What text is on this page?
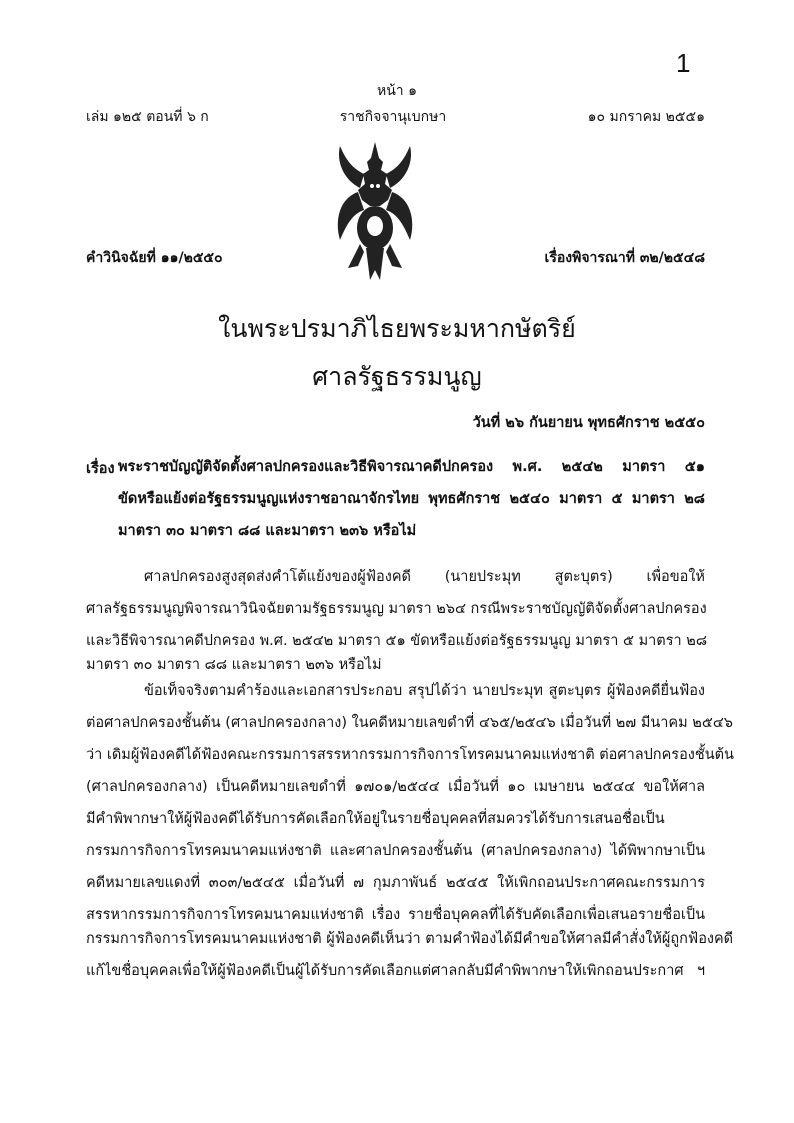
1
หน้า ๑
เล่ม ๑๒๕ ตอนที่ ๖ ก	ราชกิจจานุเบกษา	๑๐ มกราคม ๒๕๕๑
คำวินิจฉัยที่ ๑๑/๒๕๕๐	เรื่องพิจารณาที่ ๓๒/๒๕๔๘
ในพระปรมาภิไธยพระมหากษัตริย์
ศาลรัฐธรรมนูญ
วันที่ ๒๖ กันยายน พุทธศักราช ๒๕๕๐
เรื่อง พระราชบัญญัติจัดตั้งศาลปกครองและวิธีพิจารณาคดีปกครอง พ.ศ. ๒๕๔๒ มาตรา ๕๑
ขัดหรือแย้งต่อรัฐธรรมนูญแห่งราชอาณาจักรไทย พุทธศักราช ๒๕๔๐ มาตรา ๕ มาตรา ๒๘
มาตรา ๓๐ มาตรา ๘๘ และมาตรา ๒๓๖ หรือไม่
ศาลปกครองสูงสุดส่งคำโต้แย้งของผู้ฟ้องคดี (นายประมุท สูตะบุตร) เพื่อขอให้
ศาลรัฐธรรมนูญพิจารณาวินิจฉัยตามรัฐธรรมนูญ มาตรา ๒๖๔ กรณีพระราชบัญญัติจัดตั้งศาลปกครอง
และวิธีพิจารณาคดีปกครอง พ.ศ. ๒๕๔๒ มาตรา ๕๑ ขัดหรือแย้งต่อรัฐธรรมนูญ มาตรา ๕ มาตรา ๒๘
มาตรา ๓๐ มาตรา ๘๘ และมาตรา ๒๓๖ หรือไม่
ข้อเท็จจริงตามคำร้องและเอกสารประกอบ สรุปได้ว่า นายประมุท สูตะบุตร ผู้ฟ้องคดียื่นฟ้อง
ต่อศาลปกครองชั้นต้น (ศาลปกครองกลาง) ในคดีหมายเลขดำที่ ๔๖๕/๒๕๔๖ เมื่อวันที่ ๒๗ มีนาคม ๒๕๔๖
ว่า เดิมผู้ฟ้องคดีได้ฟ้องคณะกรรมการสรรหากรรมการกิจการโทรคมนาคมแห่งชาติ ต่อศาลปกครองชั้นต้น
(ศาลปกครองกลาง) เป็นคดีหมายเลขดำที่ ๑๗๐๑/๒๕๔๔ เมื่อวันที่ ๑๐ เมษายน ๒๕๔๔ ขอให้ศาล
มีคำพิพากษาให้ผู้ฟ้องคดีได้รับการคัดเลือกให้อยู่ในรายชื่อบุคคลที่สมควรได้รับการเสนอชื่อเป็น
กรรมการกิจการโทรคมนาคมแห่งชาติ และศาลปกครองชั้นต้น (ศาลปกครองกลาง) ได้พิพากษาเป็น
คดีหมายเลขแดงที่ ๓๐๓/๒๕๔๕ เมื่อวันที่ ๗ กุมภาพันธ์ ๒๕๔๕ ให้เพิกถอนประกาศคณะกรรมการ
สรรหากรรมการกิจการโทรคมนาคมแห่งชาติ เรื่อง รายชื่อบุคคลที่ได้รับคัดเลือกเพื่อเสนอรายชื่อเป็น
กรรมการกิจการโทรคมนาคมแห่งชาติ ผู้ฟ้องคดีเห็นว่า ตามคำฟ้องได้มีคำขอให้ศาลมีคำสั่งให้ผู้ถูกฟ้องคดี
แก้ไขชื่อบุคคลเพื่อให้ผู้ฟ้องคดีเป็นผู้ได้รับการคัดเลือกแต่ศาลกลับมีคำพิพากษาให้เพิกถอนประกาศ ฯ
